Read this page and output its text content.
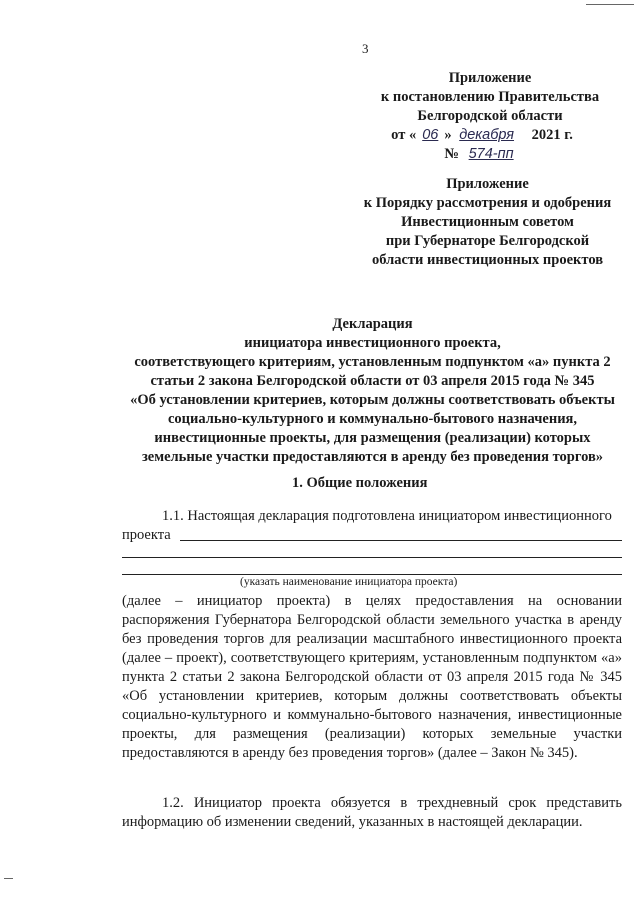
3
Приложение
к постановлению Правительства
Белгородской области
от « 06 » декабря 2021 г.
№ 574-пп
Приложение
к Порядку рассмотрения и одобрения
Инвестиционным советом
при Губернаторе Белгородской
области инвестиционных проектов
Декларация
инициатора инвестиционного проекта,
соответствующего критериям, установленным подпунктом «а» пункта 2
статьи 2 закона Белгородской области от 03 апреля 2015 года № 345
«Об установлении критериев, которым должны соответствовать объекты
социально-культурного и коммунально-бытового назначения,
инвестиционные проекты, для размещения (реализации) которых
земельные участки предоставляются в аренду без проведения торгов»
1. Общие положения
1.1. Настоящая декларация подготовлена инициатором инвестиционного
проекта
(указать наименование инициатора проекта)
(далее – инициатор проекта) в целях предоставления на основании распоряжения Губернатора Белгородской области земельного участка в аренду без проведения торгов для реализации масштабного инвестиционного проекта (далее – проект), соответствующего критериям, установленным подпунктом «а» пункта 2 статьи 2 закона Белгородской области от 03 апреля 2015 года № 345 «Об установлении критериев, которым должны соответствовать объекты социально-культурного и коммунально-бытового назначения, инвестиционные проекты, для размещения (реализации) которых земельные участки предоставляются в аренду без проведения торгов» (далее – Закон № 345).
1.2. Инициатор проекта обязуется в трехдневный срок представить информацию об изменении сведений, указанных в настоящей декларации.
